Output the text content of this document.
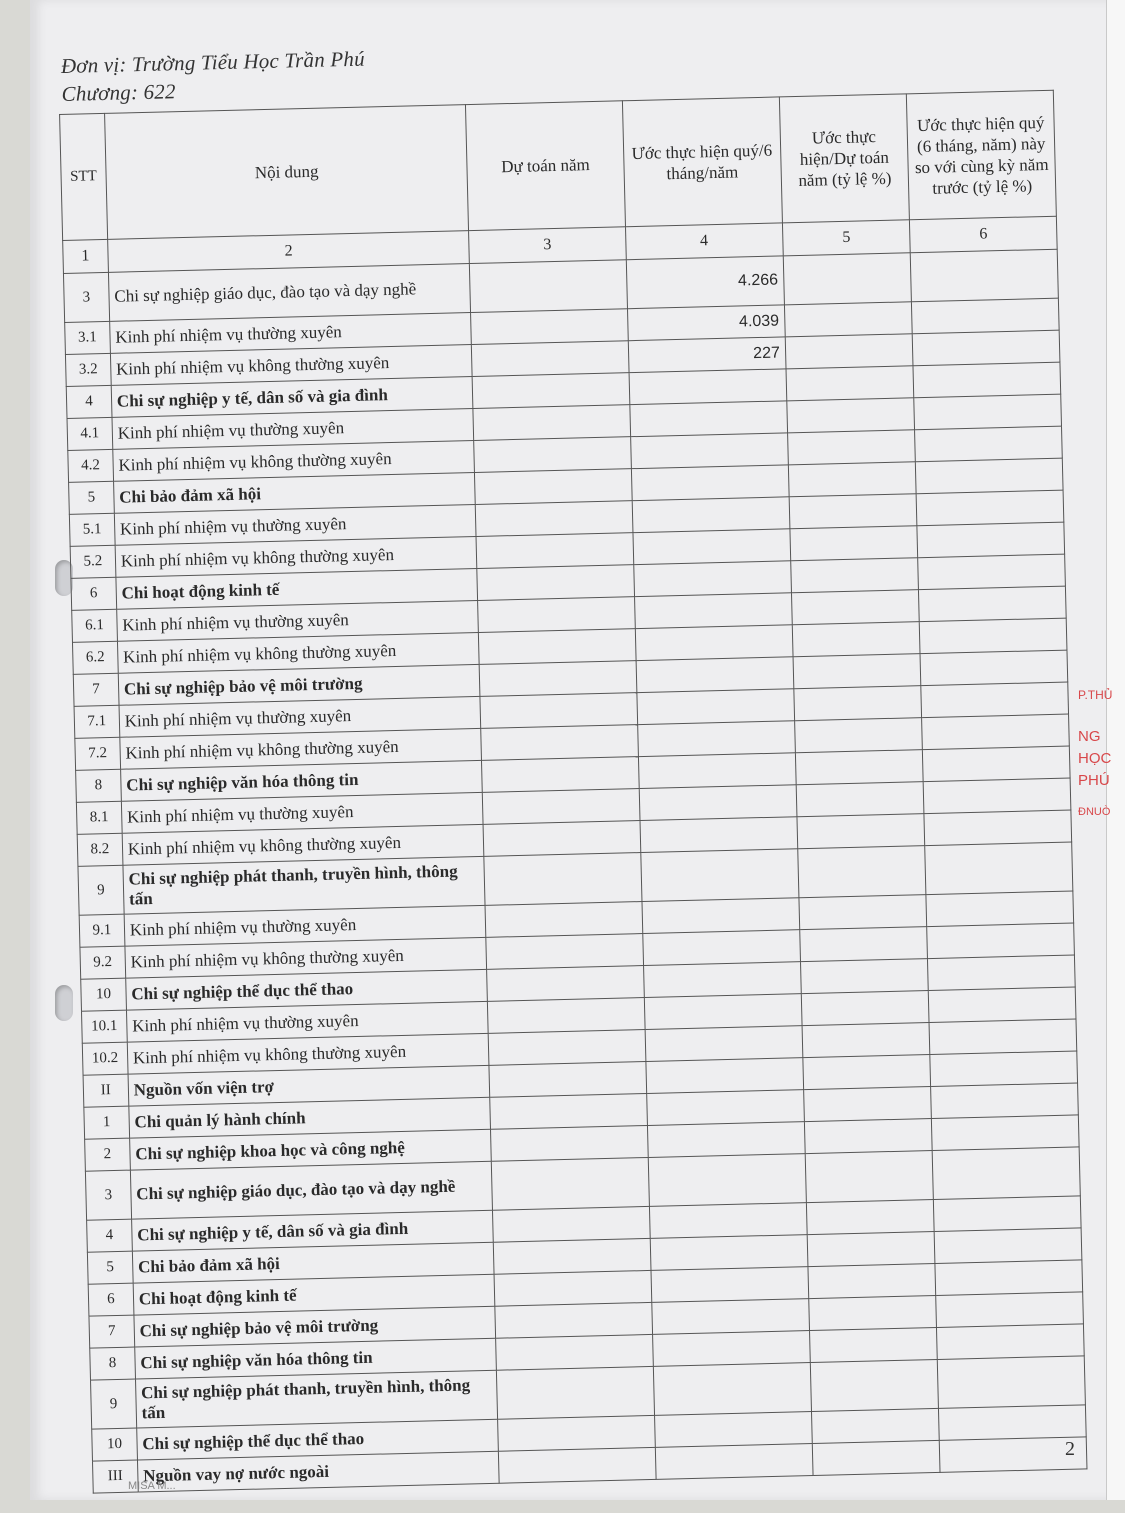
Đơn vị: Trường Tiểu Học Trần Phú
Chương: 622
STT	Nội dung	Dự toán năm	Ước thực hiện quý/6 tháng/năm	Ước thực hiện/Dự toán năm (tỷ lệ %)	Ước thực hiện quý (6 tháng, năm) này so với cùng kỳ năm trước (tỷ lệ %)
1	2	3	4	5	6
3	Chi sự nghiệp giáo dục, đào tạo và dạy nghề		4.266		
3.1	Kinh phí nhiệm vụ thường xuyên		4.039		
3.2	Kinh phí nhiệm vụ không thường xuyên		227		
4	Chi sự nghiệp y tế, dân số và gia đình				
4.1	Kinh phí nhiệm vụ thường xuyên				
4.2	Kinh phí nhiệm vụ không thường xuyên				
5	Chi bảo đảm xã hội				
5.1	Kinh phí nhiệm vụ thường xuyên				
5.2	Kinh phí nhiệm vụ không thường xuyên				
6	Chi hoạt động kinh tế				
6.1	Kinh phí nhiệm vụ thường xuyên				
6.2	Kinh phí nhiệm vụ không thường xuyên				
7	Chi sự nghiệp bảo vệ môi trường				
7.1	Kinh phí nhiệm vụ thường xuyên				
7.2	Kinh phí nhiệm vụ không thường xuyên				
8	Chi sự nghiệp văn hóa thông tin				
8.1	Kinh phí nhiệm vụ thường xuyên				
8.2	Kinh phí nhiệm vụ không thường xuyên				
9	Chi sự nghiệp phát thanh, truyền hình, thông tấn				
9.1	Kinh phí nhiệm vụ thường xuyên				
9.2	Kinh phí nhiệm vụ không thường xuyên				
10	Chi sự nghiệp thể dục thể thao				
10.1	Kinh phí nhiệm vụ thường xuyên				
10.2	Kinh phí nhiệm vụ không thường xuyên				
II	Nguồn vốn viện trợ				
1	Chi quản lý hành chính				
2	Chi sự nghiệp khoa học và công nghệ				
3	Chi sự nghiệp giáo dục, đào tạo và dạy nghề				
4	Chi sự nghiệp y tế, dân số và gia đình				
5	Chi bảo đảm xã hội				
6	Chi hoạt động kinh tế				
7	Chi sự nghiệp bảo vệ môi trường				
8	Chi sự nghiệp văn hóa thông tin				
9	Chi sự nghiệp phát thanh, truyền hình, thông tấn				
10	Chi sự nghiệp thể dục thể thao				
III	Nguồn vay nợ nước ngoài				
P.THỦ
NG
HỌC
PHÚ
ĐNUÒ
2
MISA M...
